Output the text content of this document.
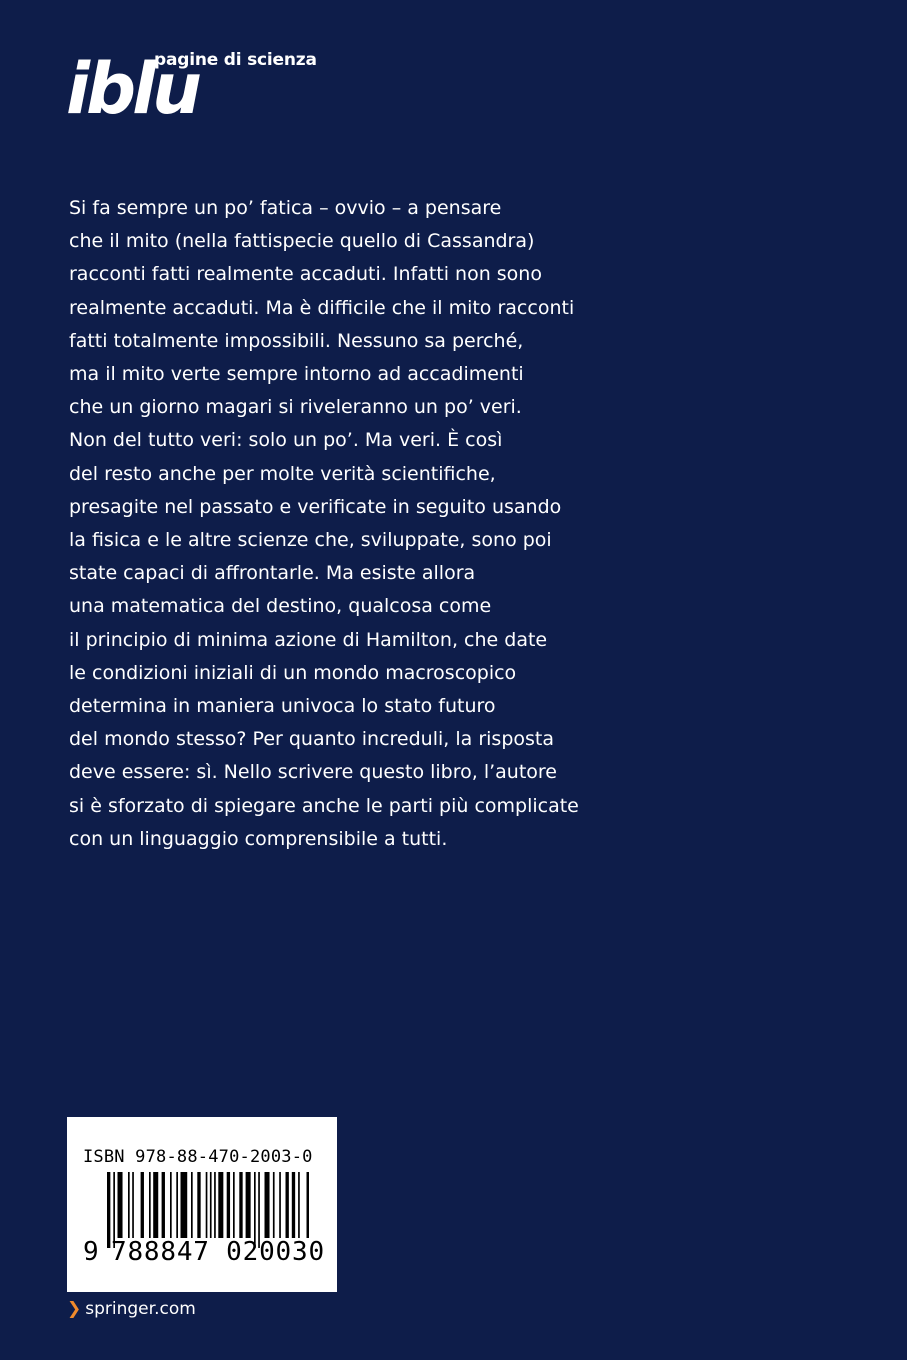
iblu
pagine di scienza
Si fa sempre un po’ fatica – ovvio – a pensare
che il mito (nella fattispecie quello di Cassandra)
racconti fatti realmente accaduti. Infatti non sono
realmente accaduti. Ma è difficile che il mito racconti
fatti totalmente impossibili. Nessuno sa perché,
ma il mito verte sempre intorno ad accadimenti
che un giorno magari si riveleranno un po’ veri.
Non del tutto veri: solo un po’. Ma veri. È così
del resto anche per molte verità scientifiche,
presagite nel passato e verificate in seguito usando
la fisica e le altre scienze che, sviluppate, sono poi
state capaci di affrontarle. Ma esiste allora
una matematica del destino, qualcosa come
il principio di minima azione di Hamilton, che date
le condizioni iniziali di un mondo macroscopico
determina in maniera univoca lo stato futuro
del mondo stesso? Per quanto increduli, la risposta
deve essere: sì. Nello scrivere questo libro, l’autore
si è sforzato di spiegare anche le parti più complicate
con un linguaggio comprensibile a tutti.
ISBN 978-88-470-2003-0
9 788847 020030
❯ springer.com
